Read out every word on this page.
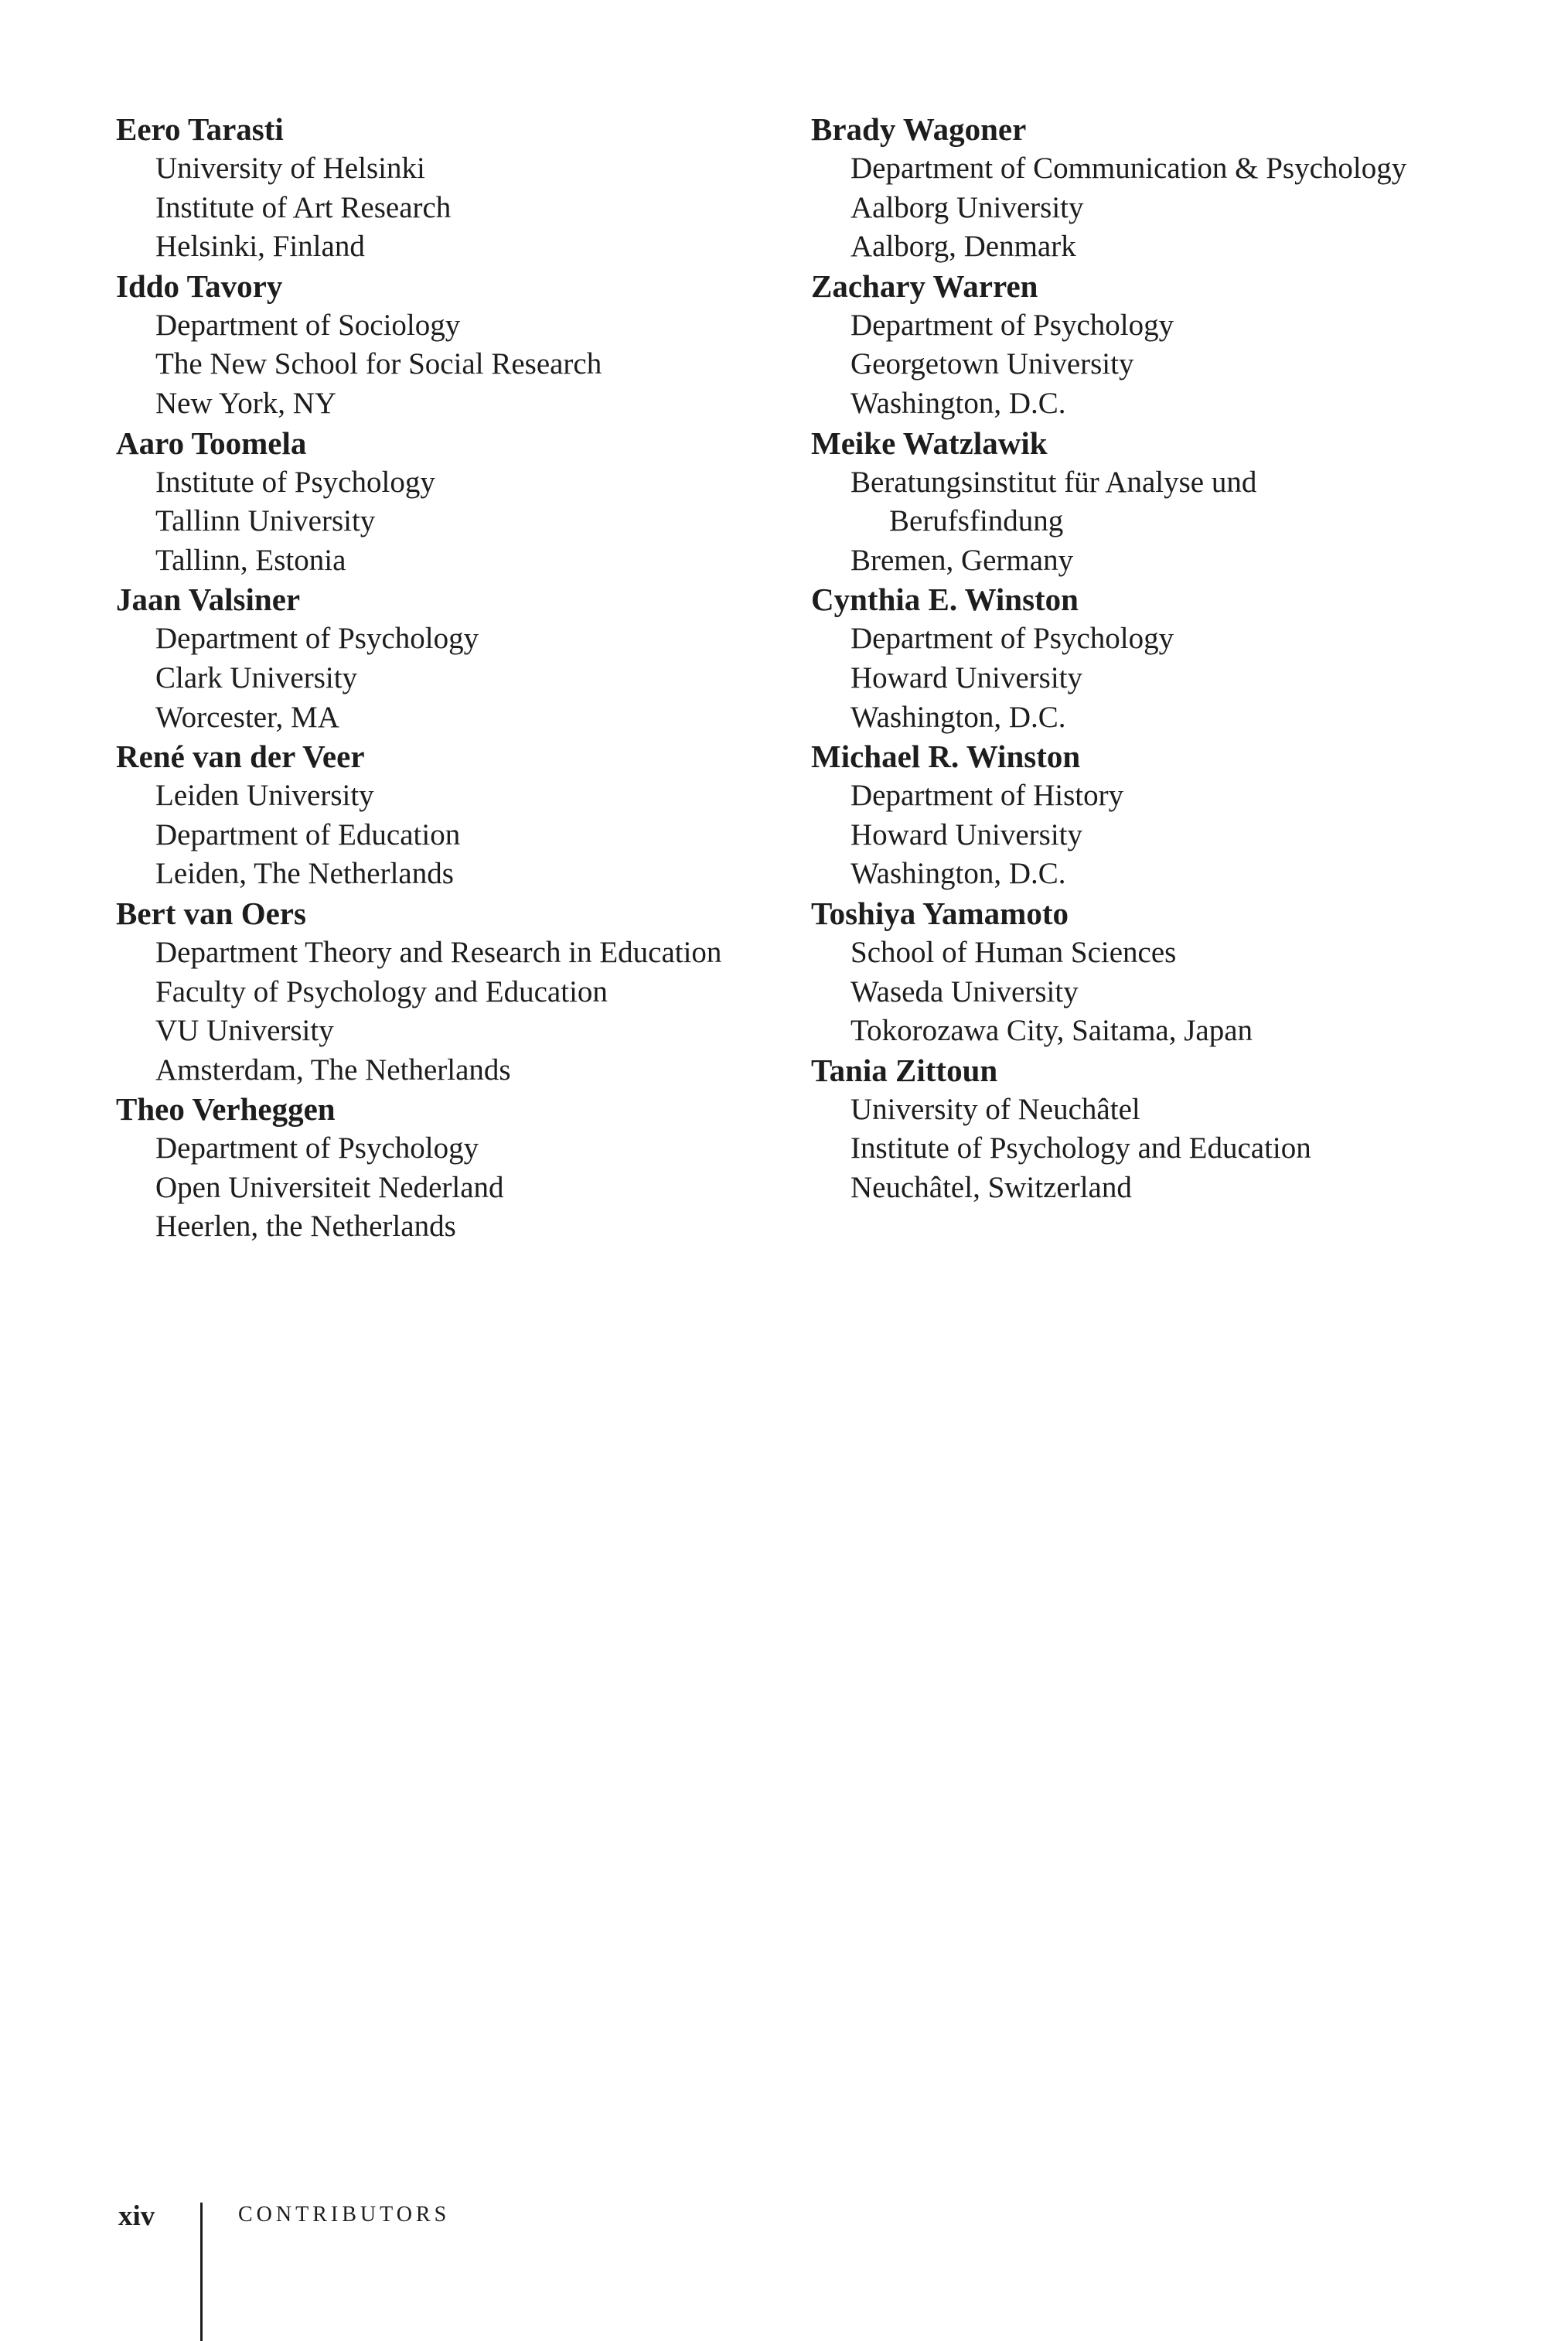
Eero Tarasti
University of Helsinki
Institute of Art Research
Helsinki, Finland
Iddo Tavory
Department of Sociology
The New School for Social Research
New York, NY
Aaro Toomela
Institute of Psychology
Tallinn University
Tallinn, Estonia
Jaan Valsiner
Department of Psychology
Clark University
Worcester, MA
René van der Veer
Leiden University
Department of Education
Leiden, The Netherlands
Bert van Oers
Department Theory and Research in Education
Faculty of Psychology and Education
VU University
Amsterdam, The Netherlands
Theo Verheggen
Department of Psychology
Open Universiteit Nederland
Heerlen, the Netherlands
Brady Wagoner
Department of Communication & Psychology
Aalborg University
Aalborg, Denmark
Zachary Warren
Department of Psychology
Georgetown University
Washington, D.C.
Meike Watzlawik
Beratungsinstitut für Analyse und
Berufsfindung
Bremen, Germany
Cynthia E. Winston
Department of Psychology
Howard University
Washington, D.C.
Michael R. Winston
Department of History
Howard University
Washington, D.C.
Toshiya Yamamoto
School of Human Sciences
Waseda University
Tokorozawa City, Saitama, Japan
Tania Zittoun
University of Neuchâtel
Institute of Psychology and Education
Neuchâtel, Switzerland
xiv	CONTRIBUTORS
